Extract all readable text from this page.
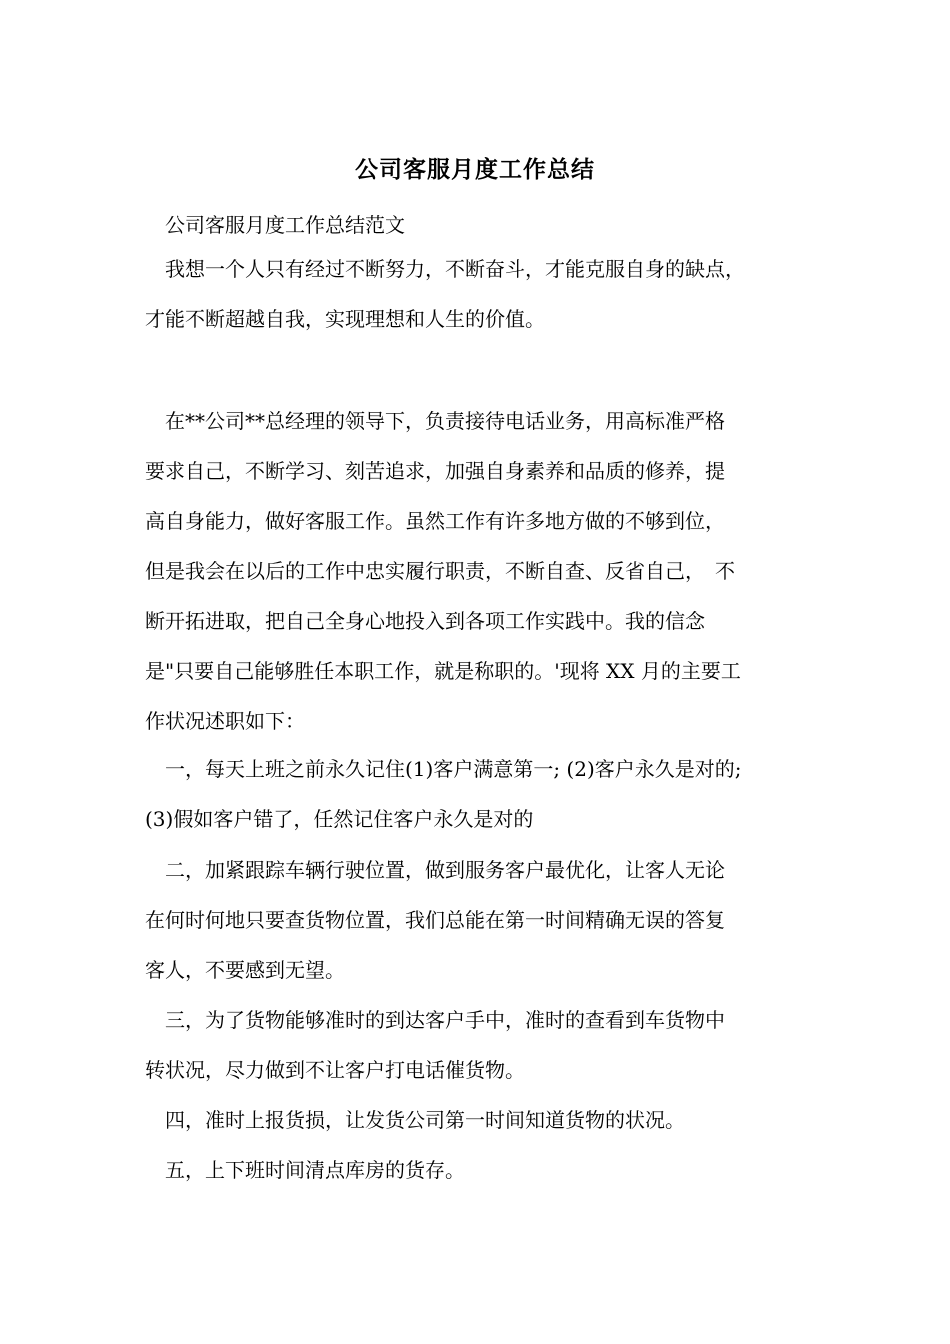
公司客服月度工作总结
公司客服月度工作总结范文
　我想一个人只有经过不断努力，不断奋斗，才能克服自身的缺点，
才能不断超越自我，实现理想和人生的价值。
　在**公司**总经理的领导下，负责接待电话业务，用高标准严格
要求自己，不断学习、刻苦追求，加强自身素养和品质的修养，提
高自身能力，做好客服工作。虽然工作有许多地方做的不够到位，
但是我会在以后的工作中忠实履行职责，不断自查、反省自己，　不
断开拓进取，把自己全身心地投入到各项工作实践中。我的信念
是"只要自己能够胜任本职工作，就是称职的。'现将 XX 月的主要工
作状况述职如下：
　一，每天上班之前永久记住(1)客户满意第一; (2)客户永久是对的;
(3)假如客户错了，任然记住客户永久是对的
　二，加紧跟踪车辆行驶位置，做到服务客户最优化，让客人无论
在何时何地只要查货物位置，我们总能在第一时间精确无误的答复
客人，不要感到无望。
　三，为了货物能够准时的到达客户手中，准时的查看到车货物中
转状况，尽力做到不让客户打电话催货物。
　四，准时上报货损，让发货公司第一时间知道货物的状况。
　五，上下班时间清点库房的货存。
